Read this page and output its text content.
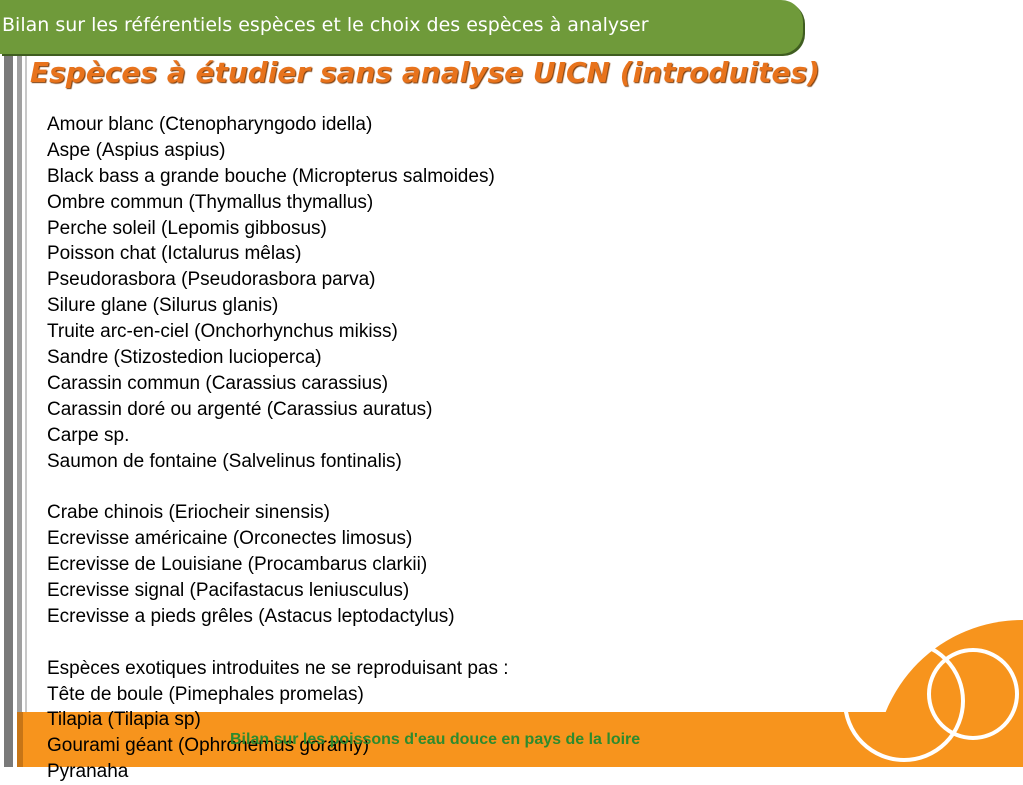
Bilan sur les référentiels espèces et le choix des espèces à analyser
Espèces à étudier sans analyse UICN (introduites)
Amour blanc (Ctenopharyngodo idella)
Aspe (Aspius aspius)
Black bass a grande bouche (Micropterus salmoides)
Ombre commun (Thymallus thymallus)
Perche soleil (Lepomis gibbosus)
Poisson chat (Ictalurus mêlas)
Pseudorasbora (Pseudorasbora parva)
Silure glane (Silurus glanis)
Truite arc-en-ciel (Onchorhynchus mikiss)
Sandre (Stizostedion lucioperca)
Carassin commun (Carassius carassius)
Carassin doré ou argenté (Carassius auratus)
Carpe sp.
Saumon de fontaine (Salvelinus fontinalis)
Crabe chinois (Eriocheir sinensis)
Ecrevisse américaine (Orconectes limosus)
Ecrevisse de Louisiane (Procambarus clarkii)
Ecrevisse signal (Pacifastacus leniusculus)
Ecrevisse a pieds grêles (Astacus leptodactylus)
Espèces exotiques introduites ne se reproduisant pas :
Tête de boule (Pimephales promelas)
Tilapia (Tilapia sp)
Gourami géant (Ophronemus goramy)
Pyranaha
Bilan sur les poissons d'eau douce en pays de la loire
